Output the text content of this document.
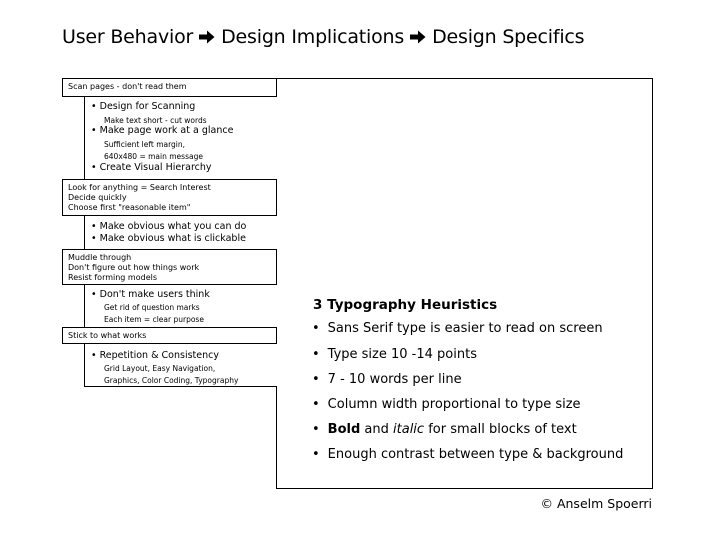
User Behavior Design Implications Design Specifics
• Design for Scanning
Make text short - cut words
• Make page work at a glance
Sufficient left margin,
640x480 = main message
• Create Visual Hierarchy
• Make obvious what you can do
• Make obvious what is clickable
• Don't make users think
Get rid of question marks
Each item = clear purpose
• Repetition & Consistency
Grid Layout, Easy Navigation,
Graphics, Color Coding, Typography
Scan pages - don't read them
Look for anything = Search Interest
Decide quickly
Choose first "reasonable item"
Muddle through
Don't figure out how things work
Resist forming models
Stick to what works
3 Typography Heuristics
• Sans Serif type is easier to read on screen
• Type size 10 -14 points
• 7 - 10 words per line
• Column width proportional to type size
• Bold and italic for small blocks of text
• Enough contrast between type & background
© Anselm Spoerri
